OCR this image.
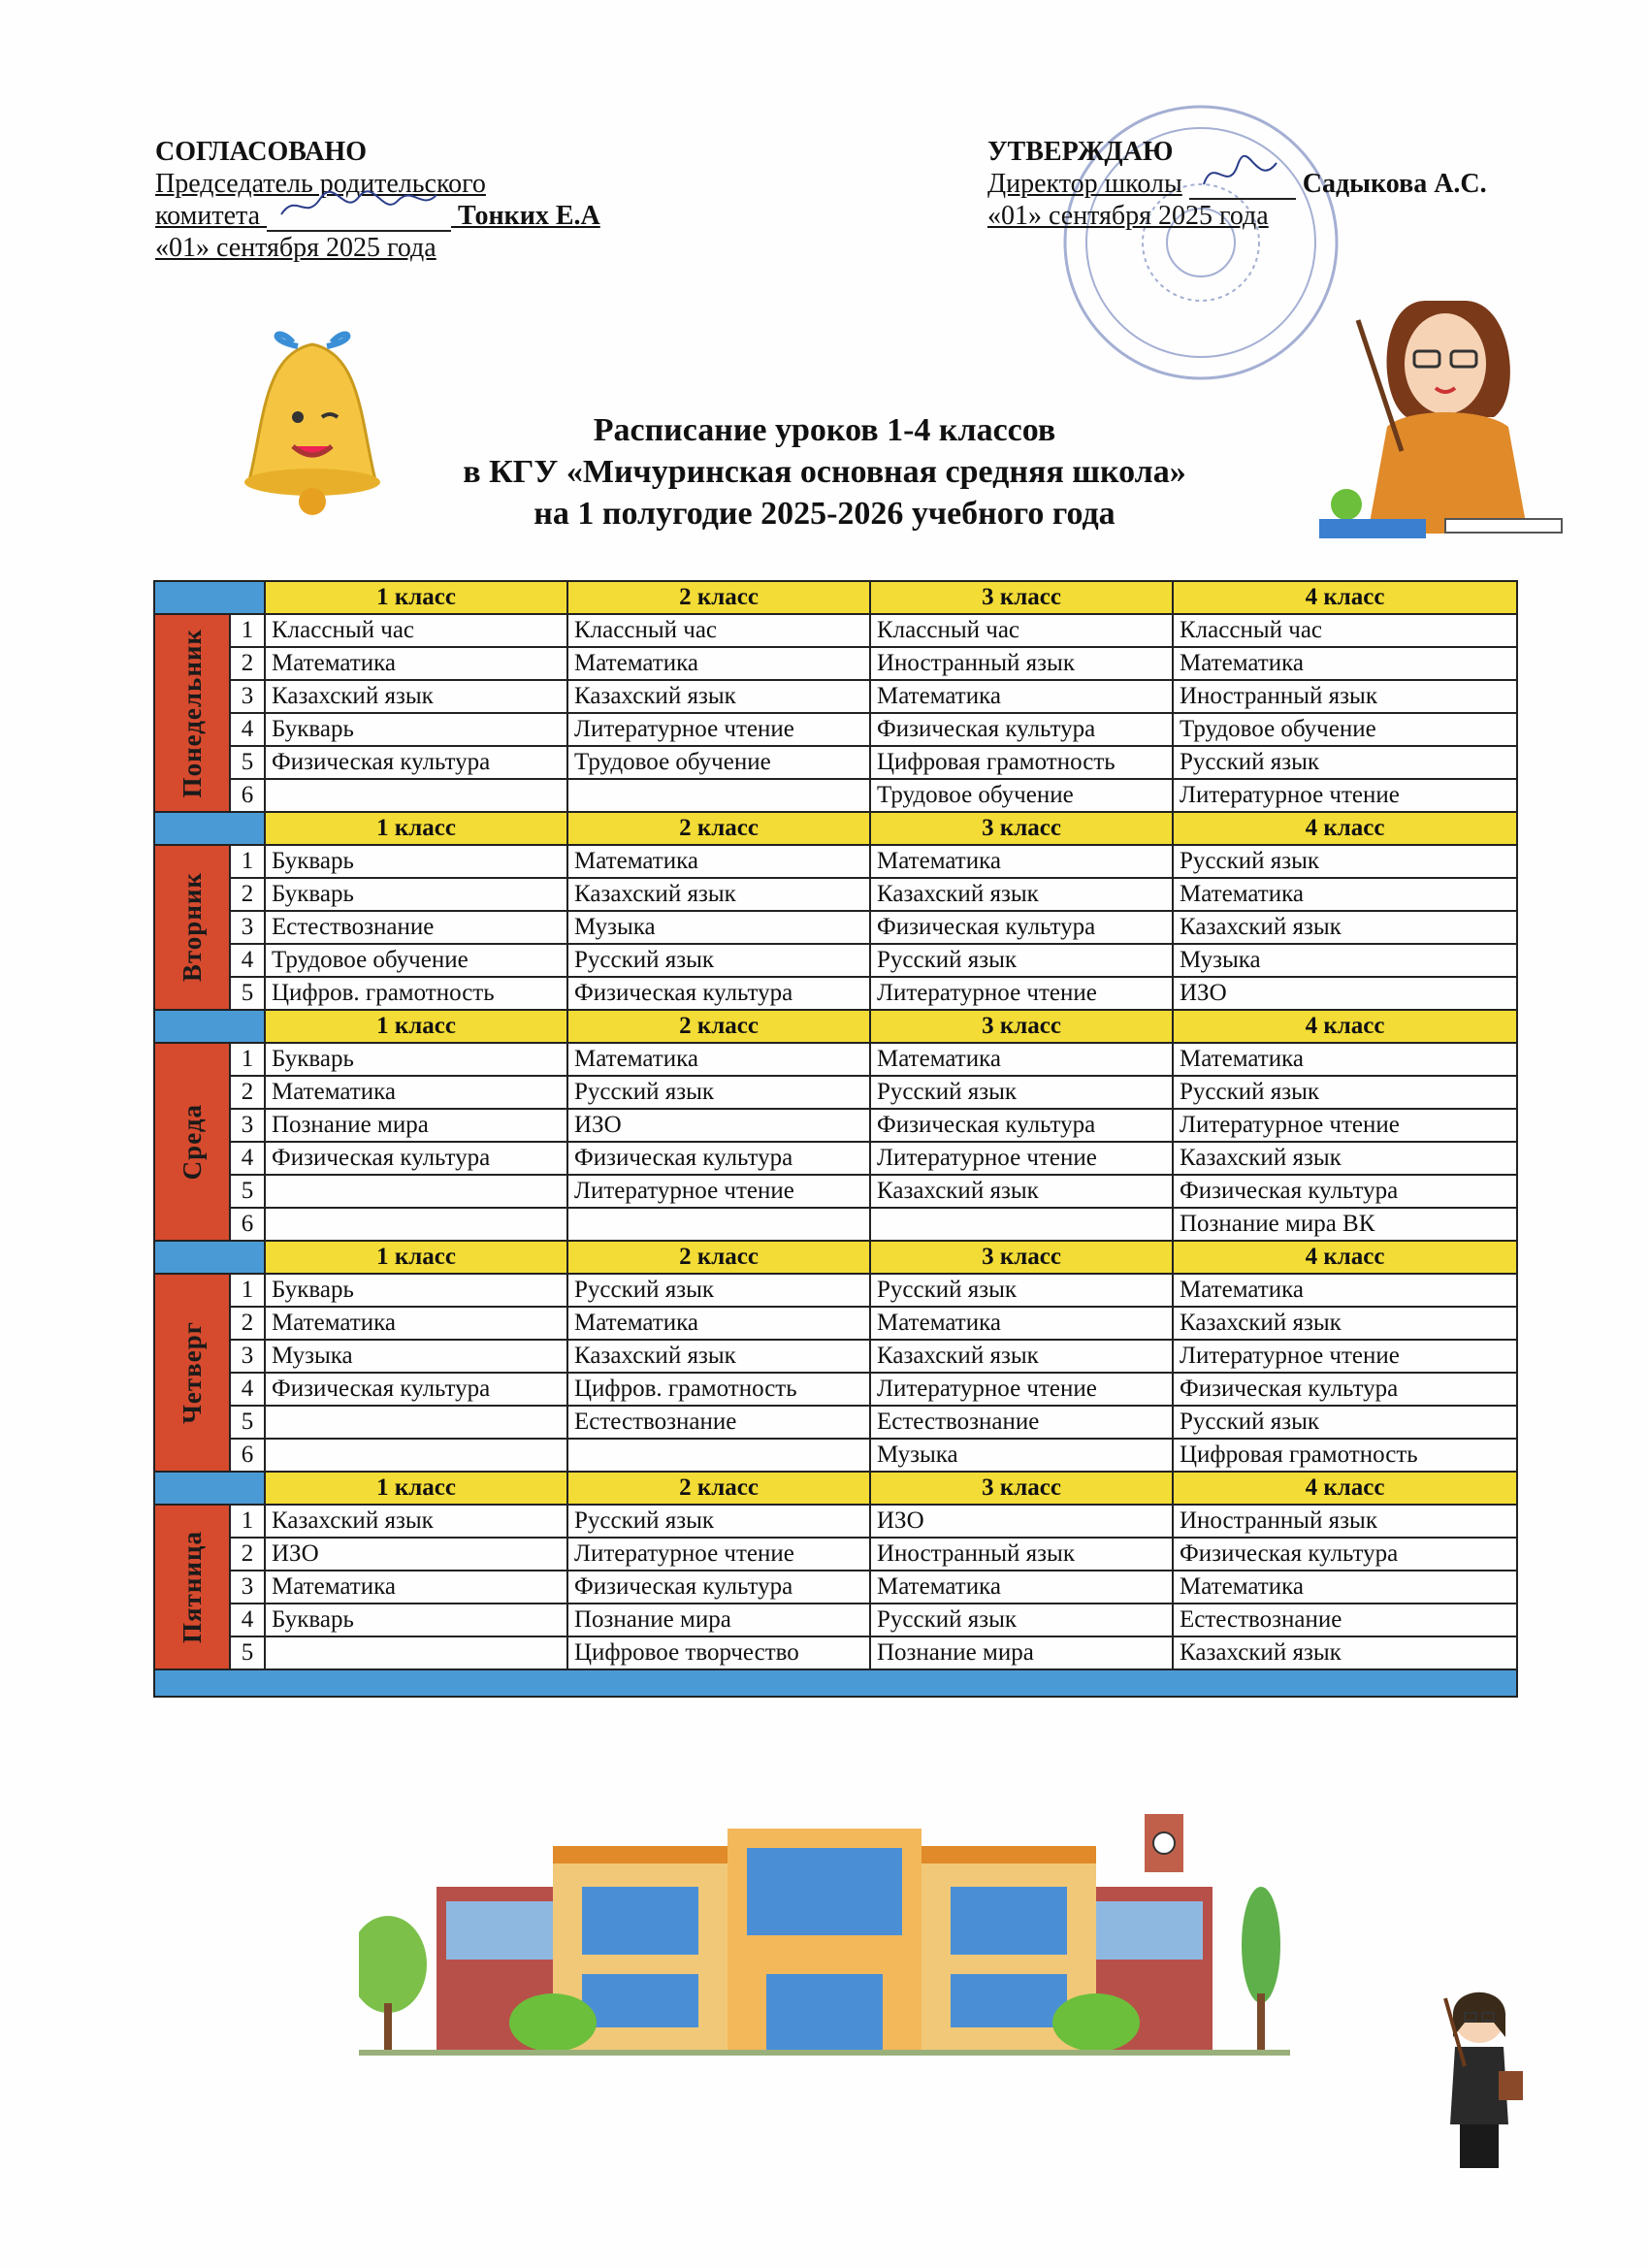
СОГЛАСОВАНО
Председатель родительского
комитета	Тонких Е.А
«01» сентября 2025 года
УТВЕРЖДАЮ
Директор школы	Садыкова А.С.
«01» сентября 2025 года
Расписание уроков 1-4 классов
в КГУ «Мичуринская основная средняя школа»
на 1 полугодие 2025-2026 учебного года
		1 класс	2 класс	3 класс	4 класс

Понедельник	1	Классный час	Классный час	Классный час	Классный час
	2	Математика	Математика	Иностранный язык	Математика
	3	Казахский язык	Казахский язык	Математика	Иностранный язык
	4	Букварь	Литературное чтение	Физическая культура	Трудовое обучение
	5	Физическая культура	Трудовое обучение	Цифровая грамотность	Русский язык
	6			Трудовое обучение	Литературное чтение
		1 класс	2 класс	3 класс	4 класс

Вторник	1	Букварь	Математика	Математика	Русский язык
	2	Букварь	Казахский язык	Казахский язык	Математика
	3	Естествознание	Музыка	Физическая культура	Казахский язык
	4	Трудовое обучение	Русский язык	Русский язык	Музыка
	5	Цифров. грамотность	Физическая культура	Литературное чтение	ИЗО
		1 класс	2 класс	3 класс	4 класс

Среда	1	Букварь	Математика	Математика	Математика
	2	Математика	Русский язык	Русский язык	Русский язык
	3	Познание мира	ИЗО	Физическая культура	Литературное чтение
	4	Физическая культура	Физическая культура	Литературное чтение	Казахский язык
	5		Литературное чтение	Казахский язык	Физическая культура
	6				Познание мира ВК
		1 класс	2 класс	3 класс	4 класс

Четверг	1	Букварь	Русский язык	Русский язык	Математика
	2	Математика	Математика	Математика	Казахский язык
	3	Музыка	Казахский язык	Казахский язык	Литературное чтение
	4	Физическая культура	Цифров. грамотность	Литературное чтение	Физическая культура
	5		Естествознание	Естествознание	Русский язык
	6			Музыка	Цифровая грамотность
		1 класс	2 класс	3 класс	4 класс

Пятница	1	Казахский язык	Русский язык	ИЗО	Иностранный язык
	2	ИЗО	Литературное чтение	Иностранный язык	Физическая культура
	3	Математика	Физическая культура	Математика	Математика
	4	Букварь	Познание мира	Русский язык	Естествознание
	5		Цифровое творчество	Познание мира	Казахский язык
